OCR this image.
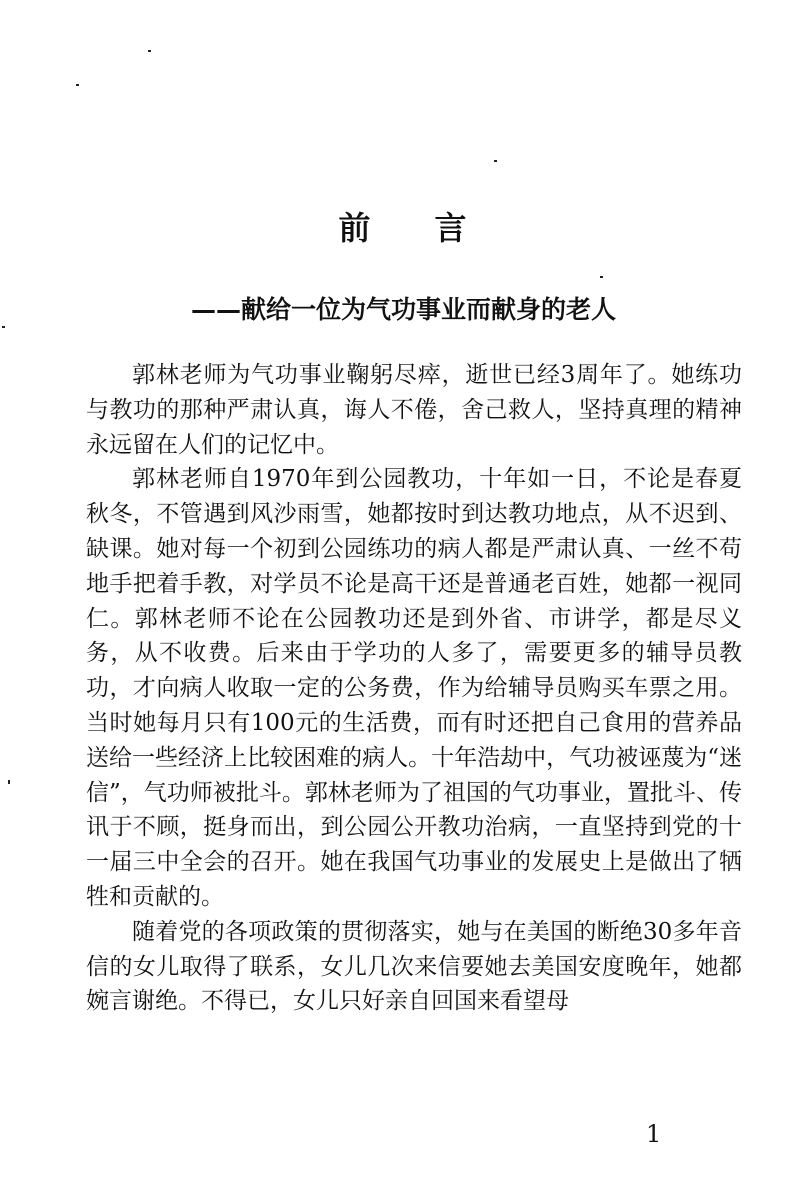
前 言
——献给一位为气功事业而献身的老人

郭林老师为气功事业鞠躬尽瘁，逝世已经3周年了。她练功与教功的那种严肃认真，诲人不倦，舍己救人，坚持真理的精神永远留在人们的记忆中。

郭林老师自1970年到公园教功，十年如一日，不论是春夏秋冬，不管遇到风沙雨雪，她都按时到达教功地点，从不迟到、缺课。她对每一个初到公园练功的病人都是严肃认真、一丝不苟地手把着手教，对学员不论是高干还是普通老百姓，她都一视同仁。郭林老师不论在公园教功还是到外省、市讲学，都是尽义务，从不收费。后来由于学功的人多了，需要更多的辅导员教功，才向病人收取一定的公务费，作为给辅导员购买车票之用。当时她每月只有100元的生活费，而有时还把自己食用的营养品送给一些经济上比较困难的病人。十年浩劫中，气功被诬蔑为“迷信”，气功师被批斗。郭林老师为了祖国的气功事业，置批斗、传讯于不顾，挺身而出，到公园公开教功治病，一直坚持到党的十一届三中全会的召开。她在我国气功事业的发展史上是做出了牺牲和贡献的。

随着党的各项政策的贯彻落实，她与在美国的断绝30多年音信的女儿取得了联系，女儿几次来信要她去美国安度晚年，她都婉言谢绝。不得已，女儿只好亲自回国来看望母

1
